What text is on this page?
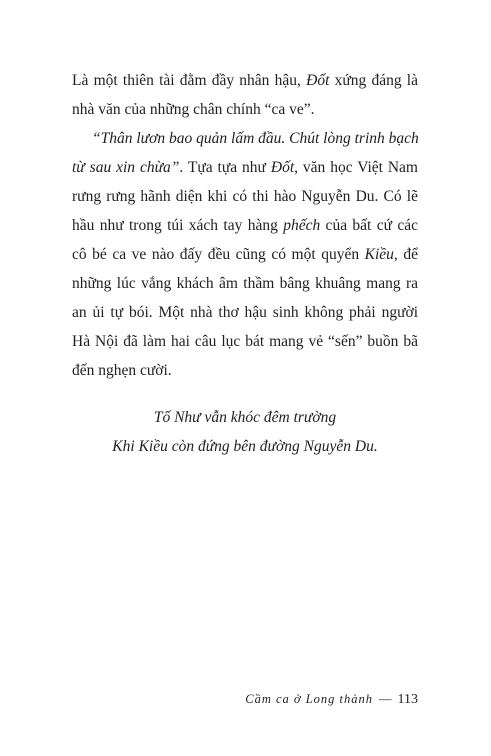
Là một thiên tài đằm đầy nhân hậu, Đốt xứng đáng là
nhà văn của những chân chính “ca ve”.

“Thân lươn bao quản lấm đầu. Chút lòng trinh bạch
từ sau xin chừa”. Tựa tựa như Đốt, văn học Việt Nam
rưng rưng hãnh diện khi có thi hào Nguyễn Du. Có lẽ
hầu như trong túi xách tay hàng phếch của bất cứ các
cô bé ca ve nào đấy đều cũng có một quyển Kiều, để
những lúc vắng khách âm thầm bâng khuâng mang ra
an ủi tự bói. Một nhà thơ hậu sinh không phải người
Hà Nội đã làm hai câu lục bát mang vẻ “sến” buồn bã
đến nghẹn cười.

Tố Như vẫn khóc đêm trường
Khi Kiều còn đứng bên đường Nguyễn Du.
Cầm ca ở Long thành — 113
